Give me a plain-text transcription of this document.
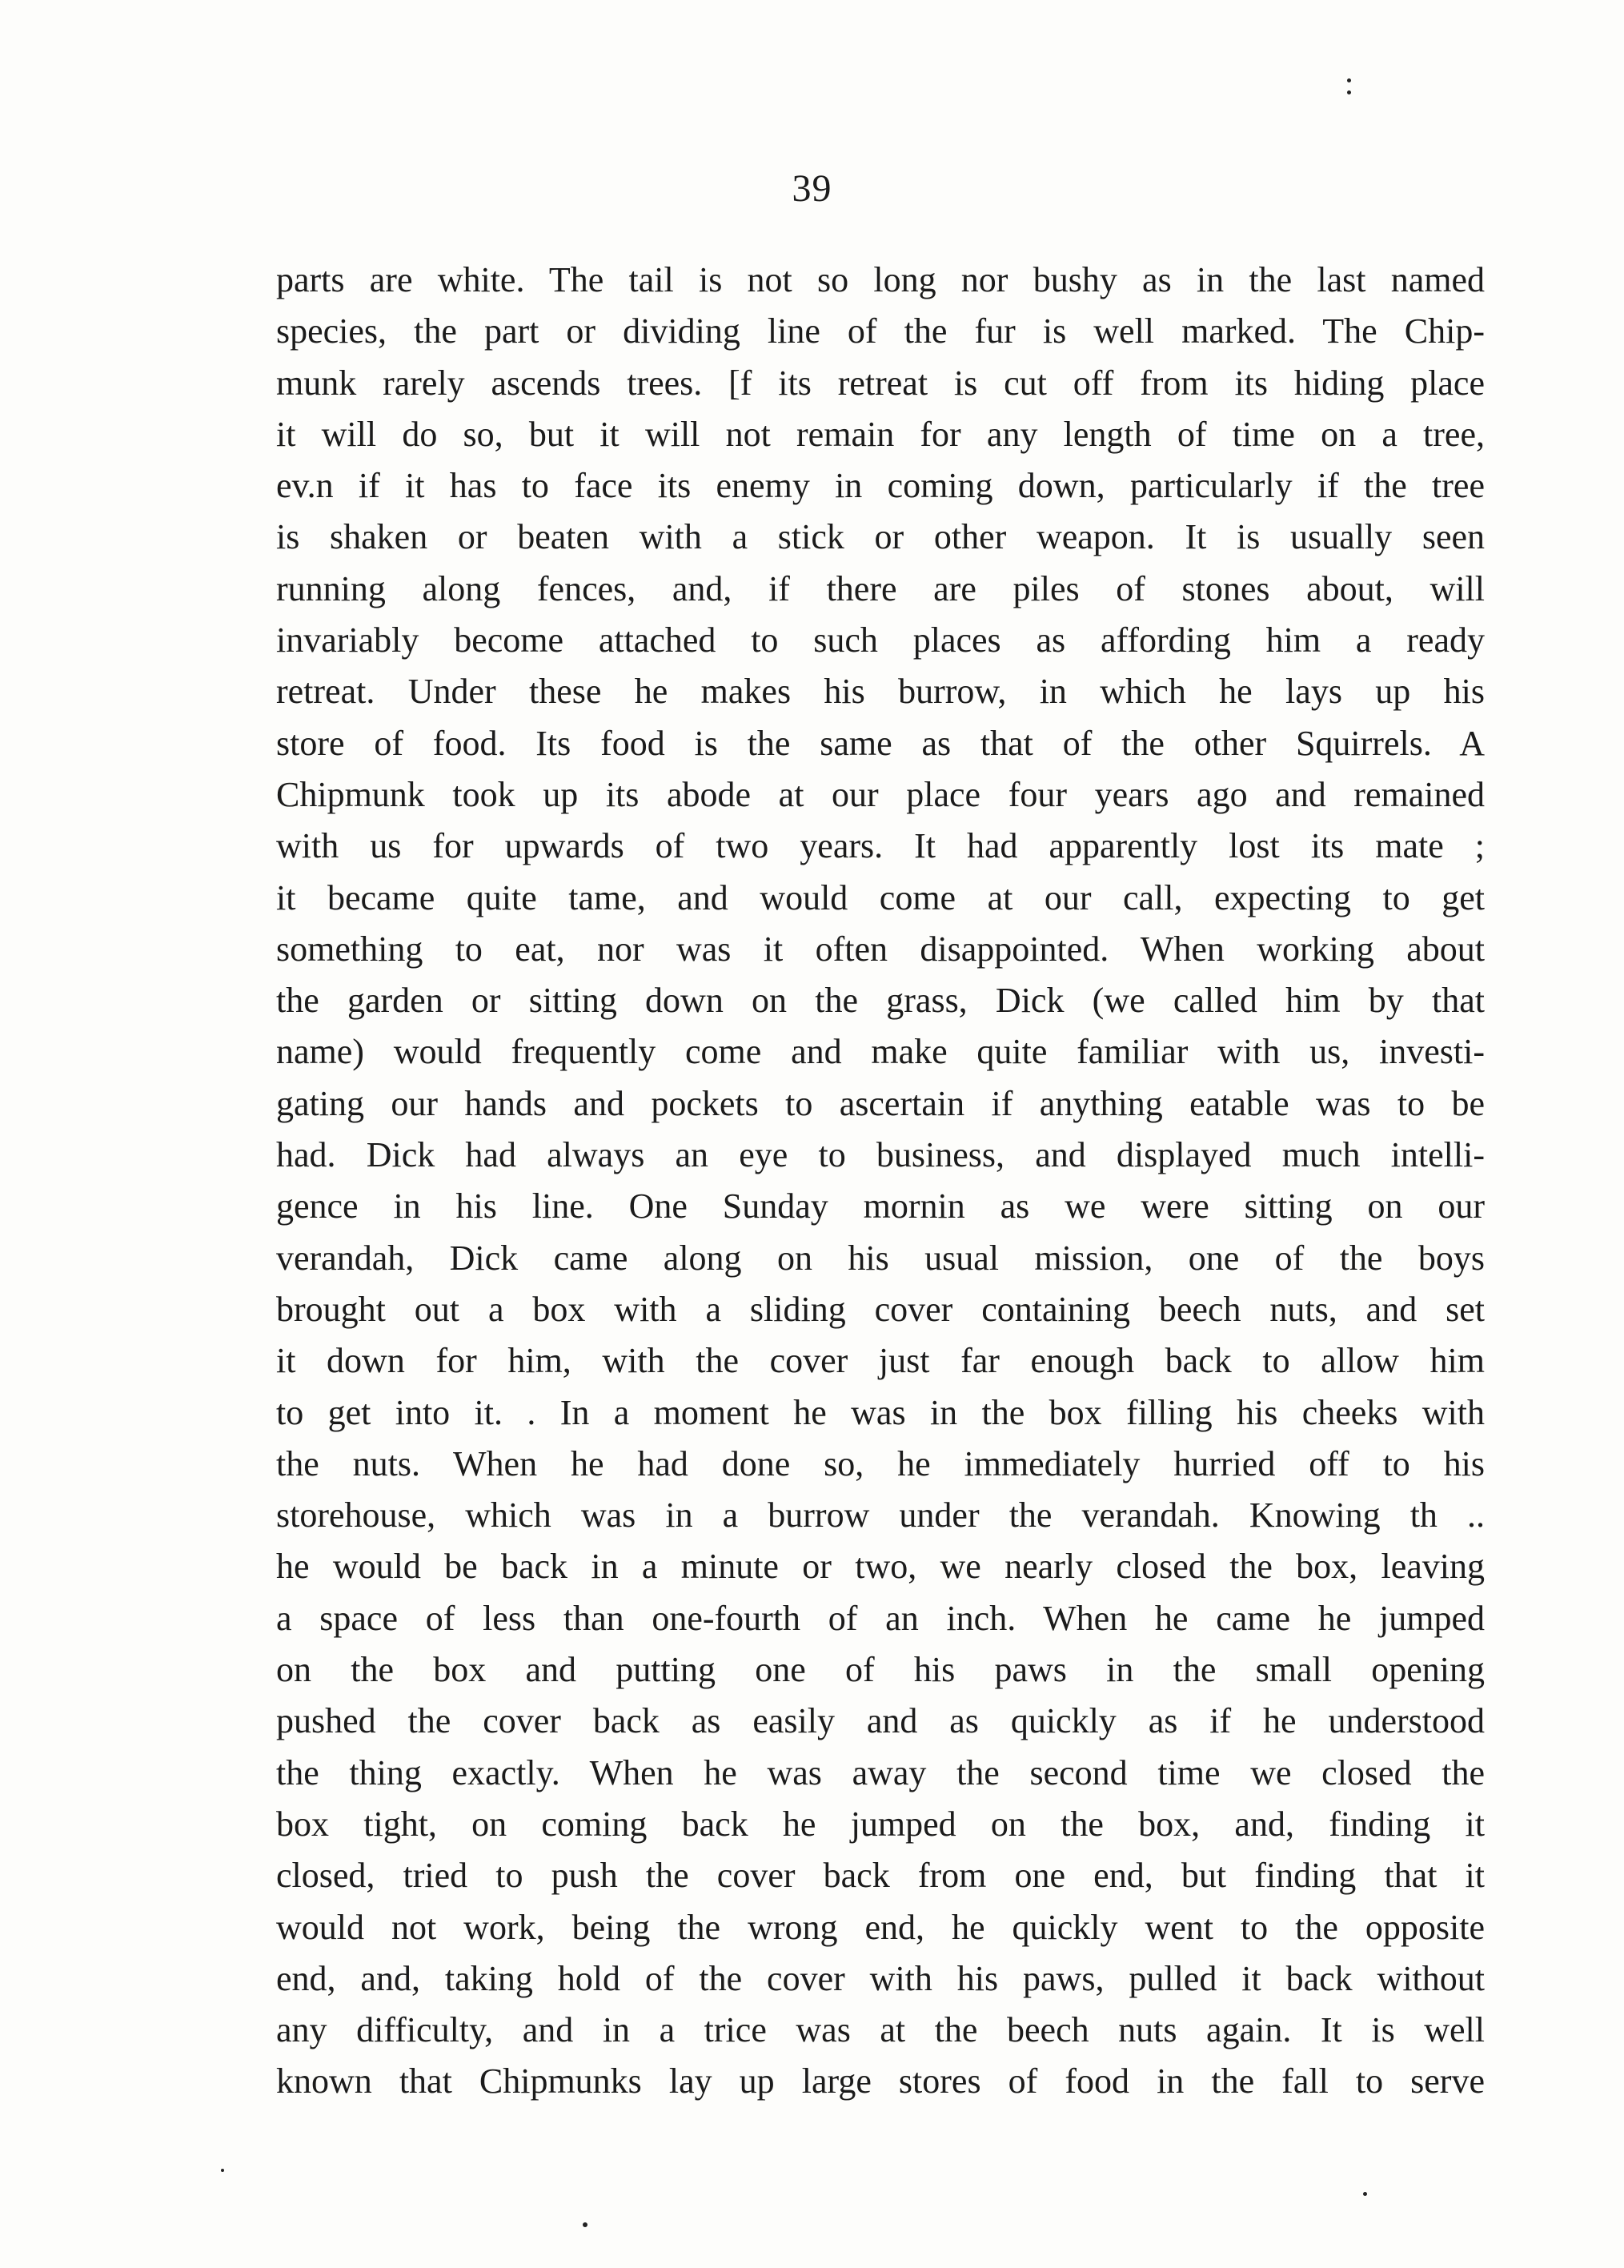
39
parts are white. The tail is not so long nor bushy as in the last named
species, the part or dividing line of the fur is well marked. The Chip-
munk rarely ascends trees. [f its retreat is cut off from its hiding place
it will do so, but it will not remain for any length of time on a tree,
ev.n if it has to face its enemy in coming down, particularly if the tree
is shaken or beaten with a stick or other weapon. It is usually seen
running along fences, and, if there are piles of stones about, will
invariably become attached to such places as affording him a ready
retreat. Under these he makes his burrow, in which he lays up his
store of food. Its food is the same as that of the other Squirrels. A
Chipmunk took up its abode at our place four years ago and remained
with us for upwards of two years. It had apparently lost its mate ;
it became quite tame, and would come at our call, expecting to get
something to eat, nor was it often disappointed. When working about
the garden or sitting down on the grass, Dick (we called him by that
name) would frequently come and make quite familiar with us, investi-
gating our hands and pockets to ascertain if anything eatable was to be
had. Dick had always an eye to business, and displayed much intelli-
gence in his line. One Sunday mornin as we were sitting on our
verandah, Dick came along on his usual mission, one of the boys
brought out a box with a sliding cover containing beech nuts, and set
it down for him, with the cover just far enough back to allow him
to get into it. . In a moment he was in the box filling his cheeks with
the nuts. When he had done so, he immediately hurried off to his
storehouse, which was in a burrow under the verandah. Knowing th ..
he would be back in a minute or two, we nearly closed the box, leaving
a space of less than one-fourth of an inch. When he came he jumped
on the box and putting one of his paws in the small opening
pushed the cover back as easily and as quickly as if he understood
the thing exactly. When he was away the second time we closed the
box tight, on coming back he jumped on the box, and, finding it
closed, tried to push the cover back from one end, but finding that it
would not work, being the wrong end, he quickly went to the opposite
end, and, taking hold of the cover with his paws, pulled it back without
any difficulty, and in a trice was at the beech nuts again. It is well
known that Chipmunks lay up large stores of food in the fall to serve
